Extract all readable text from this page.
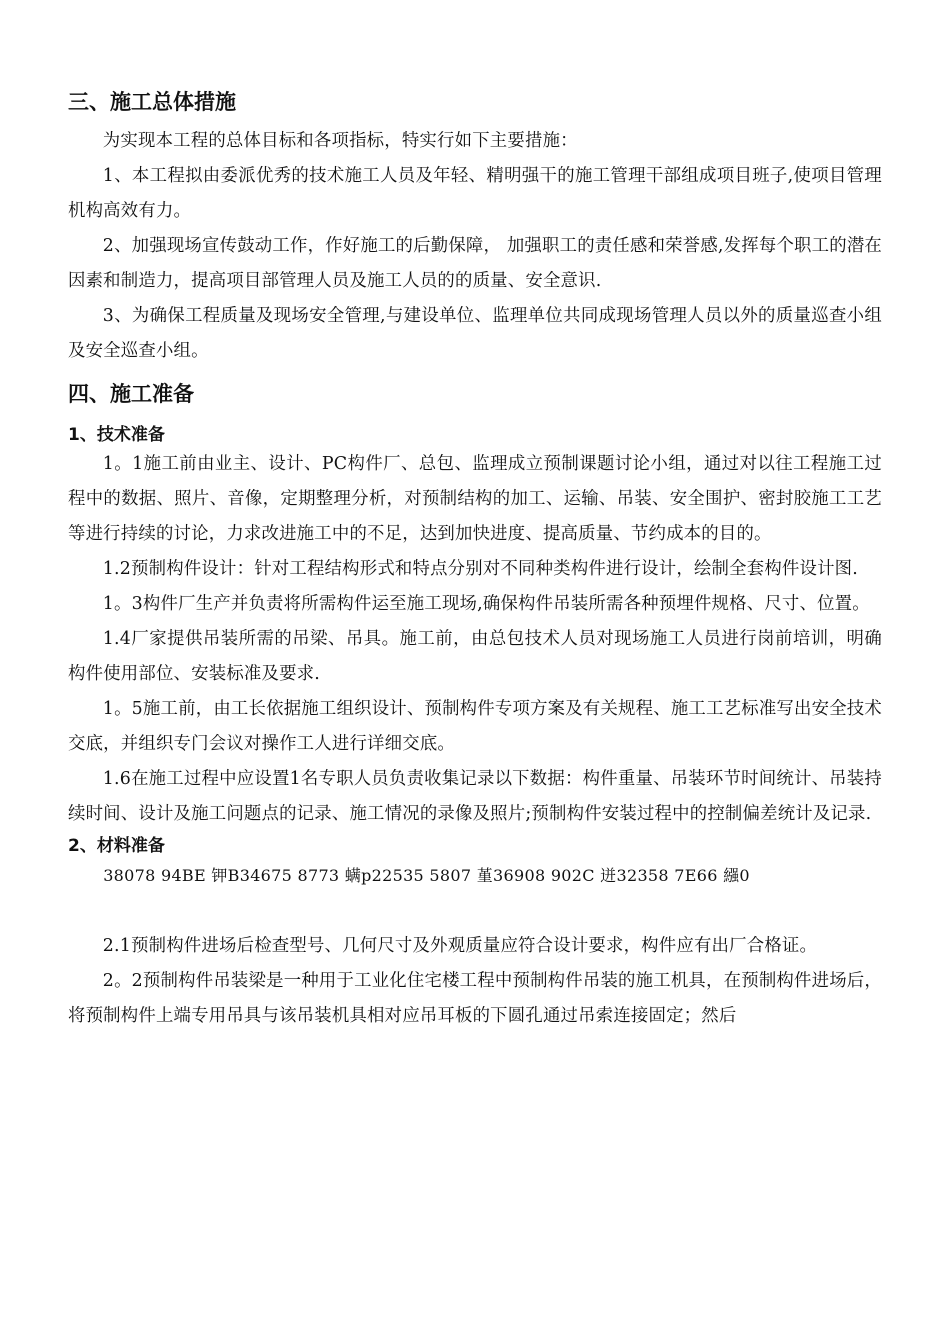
三、施工总体措施

为实现本工程的总体目标和各项指标，特实行如下主要措施：

1、本工程拟由委派优秀的技术施工人员及年轻、精明强干的施工管理干部组成项目班子,使项目管理机构高效有力。

2、加强现场宣传鼓动工作，作好施工的后勤保障， 加强职工的责任感和荣誉感,发挥每个职工的潜在因素和制造力，提高项目部管理人员及施工人员的的质量、安全意识.

3、为确保工程质量及现场安全管理,与建设单位、监理单位共同成现场管理人员以外的质量巡查小组及安全巡查小组。

四、施工准备
1、技术准备

1。1施工前由业主、设计、PC构件厂、总包、监理成立预制课题讨论小组，通过对以往工程施工过程中的数据、照片、音像，定期整理分析，对预制结构的加工、运输、吊装、安全围护、密封胶施工工艺等进行持续的讨论，力求改进施工中的不足，达到加快进度、提高质量、节约成本的目的。

1.2预制构件设计：针对工程结构形式和特点分别对不同种类构件进行设计，绘制全套构件设计图.

1。3构件厂生产并负责将所需构件运至施工现场,确保构件吊装所需各种预埋件规格、尺寸、位置。

1.4厂家提供吊装所需的吊梁、吊具。施工前，由总包技术人员对现场施工人员进行岗前培训，明确构件使用部位、安装标准及要求.

1。5施工前，由工长依据施工组织设计、预制构件专项方案及有关规程、施工工艺标准写出安全技术交底，并组织专门会议对操作工人进行详细交底。

1.6在施工过程中应设置1名专职人员负责收集记录以下数据：构件重量、吊装环节时间统计、吊装持续时间、设计及施工问题点的记录、施工情况的录像及照片;预制构件安装过程中的控制偏差统计及记录.

2、材料准备

38078 94BE 钾B34675 8773 螨p22535 5807 堇36908 902C 迸32358 7E66 繦0

2.1预制构件进场后检查型号、几何尺寸及外观质量应符合设计要求，构件应有出厂合格证。

2。2预制构件吊装梁是一种用于工业化住宅楼工程中预制构件吊装的施工机具，在预制构件进场后，将预制构件上端专用吊具与该吊装机具相对应吊耳板的下圆孔通过吊索连接固定；然后
